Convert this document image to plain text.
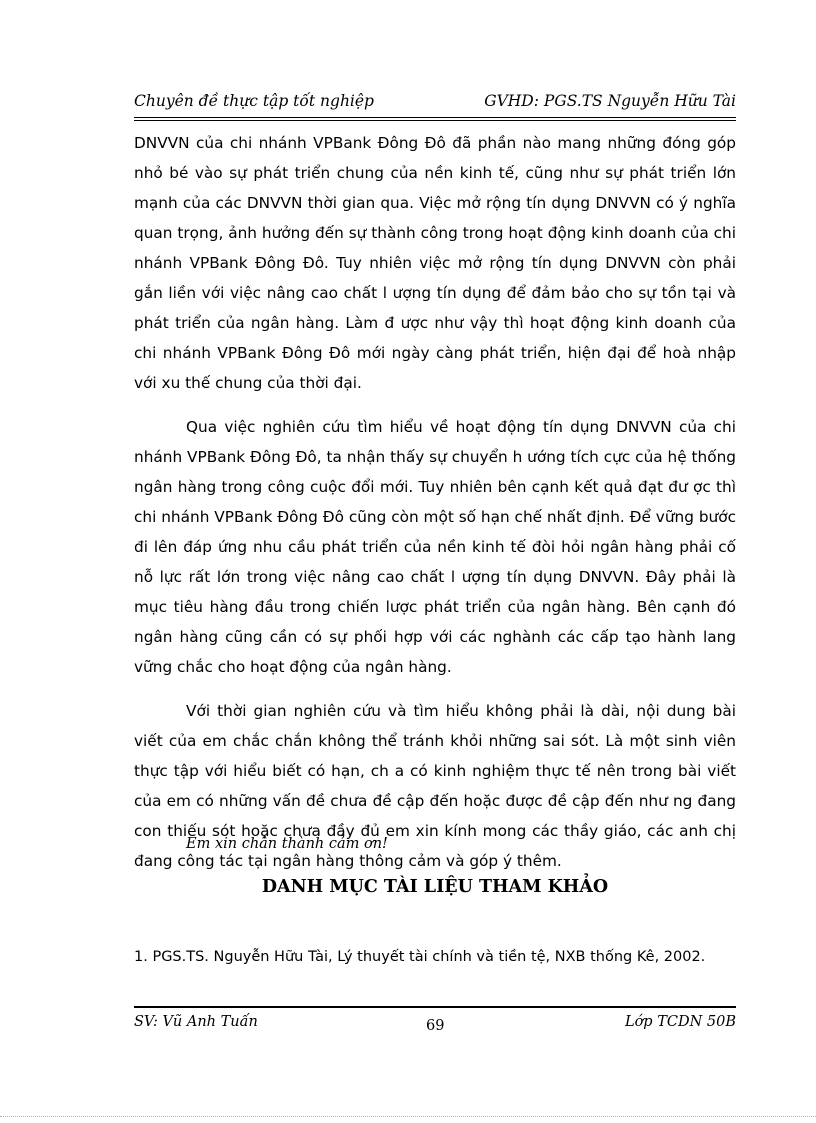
Chuyên đề thực tập tốt nghiệp	GVHD: PGS.TS Nguyễn Hữu Tài

DNVVN của chi nhánh VPBank Đông Đô đã phần nào mang những đóng góp nhỏ bé vào sự phát triển chung của nền kinh tế, cũng như sự phát triển lớn mạnh của các DNVVN thời gian qua. Việc mở rộng tín dụng DNVVN có ý nghĩa quan trọng, ảnh hưởng đến sự thành công trong hoạt động kinh doanh của chi nhánh VPBank Đông Đô. Tuy nhiên việc mở rộng tín dụng DNVVN còn phải gắn liền với việc nâng cao chất l ượng tín dụng để đảm bảo cho sự tồn tại và phát triển của ngân hàng. Làm đ ược như vậy thì hoạt động kinh doanh của chi nhánh VPBank Đông Đô mới ngày càng phát triển, hiện đại để hoà nhập với xu thế chung của thời đại.

Qua việc nghiên cứu tìm hiểu về hoạt động tín dụng DNVVN của chi nhánh VPBank Đông Đô, ta nhận thấy sự chuyển h ướng tích cực của hệ thống ngân hàng trong công cuộc đổi mới. Tuy nhiên bên cạnh kết quả đạt đư ợc thì chi nhánh VPBank Đông Đô cũng còn một số hạn chế nhất định. Để vững bước đi lên đáp ứng nhu cầu phát triển của nền kinh tế đòi hỏi ngân hàng phải cố nỗ lực rất lớn trong việc nâng cao chất l ượng tín dụng DNVVN. Đây phải là mục tiêu hàng đầu trong chiến lược phát triển của ngân hàng. Bên cạnh đó ngân hàng cũng cần có sự phối hợp với các nghành các cấp tạo hành lang vững chắc cho hoạt động của ngân hàng.

Với thời gian nghiên cứu và tìm hiểu không phải là dài, nội dung bài viết của em chắc chắn không thể tránh khỏi những sai sót. Là một sinh viên thực tập với hiểu biết có hạn, ch a có kinh nghiệm thực tế nên trong bài viết của em có những vấn đề chưa đề cập đến hoặc được đề cập đến như ng đang con thiếu sót hoặc chưa đầy đủ em xin kính mong các thầy giáo, các anh chị đang công tác tại ngân hàng thông cảm và góp ý thêm.

Em xin chân thành cảm ơn!

DANH MỤC TÀI LIỆU THAM KHẢO
1. PGS.TS. Nguyễn Hữu Tài, Lý thuyết tài chính và tiền tệ, NXB thống Kê, 2002.
SV: Vũ Anh Tuấn	69	Lớp TCDN 50B
